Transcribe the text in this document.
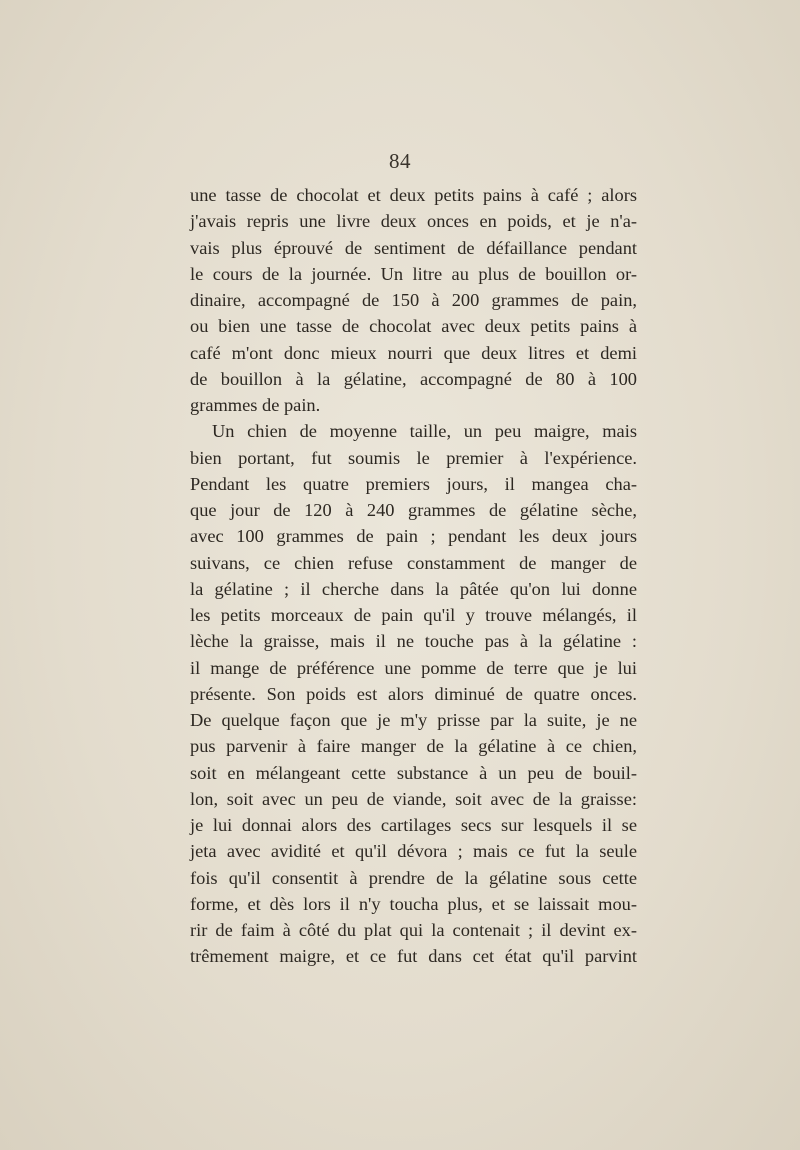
84
une tasse de chocolat et deux petits pains à café ; alors
j'avais repris une livre deux onces en poids, et je n'a-
vais plus éprouvé de sentiment de défaillance pendant
le cours de la journée. Un litre au plus de bouillon or-
dinaire, accompagné de 150 à 200 grammes de pain,
ou bien une tasse de chocolat avec deux petits pains à
café m'ont donc mieux nourri que deux litres et demi
de bouillon à la gélatine, accompagné de 80 à 100
grammes de pain.
Un chien de moyenne taille, un peu maigre, mais
bien portant, fut soumis le premier à l'expérience.
Pendant les quatre premiers jours, il mangea cha-
que jour de 120 à 240 grammes de gélatine sèche,
avec 100 grammes de pain ; pendant les deux jours
suivans, ce chien refuse constamment de manger de
la gélatine ; il cherche dans la pâtée qu'on lui donne
les petits morceaux de pain qu'il y trouve mélangés, il
lèche la graisse, mais il ne touche pas à la gélatine :
il mange de préférence une pomme de terre que je lui
présente. Son poids est alors diminué de quatre onces.
De quelque façon que je m'y prisse par la suite, je ne
pus parvenir à faire manger de la gélatine à ce chien,
soit en mélangeant cette substance à un peu de bouil-
lon, soit avec un peu de viande, soit avec de la graisse:
je lui donnai alors des cartilages secs sur lesquels il se
jeta avec avidité et qu'il dévora ; mais ce fut la seule
fois qu'il consentit à prendre de la gélatine sous cette
forme, et dès lors il n'y toucha plus, et se laissait mou-
rir de faim à côté du plat qui la contenait ; il devint ex-
trêmement maigre, et ce fut dans cet état qu'il parvint
